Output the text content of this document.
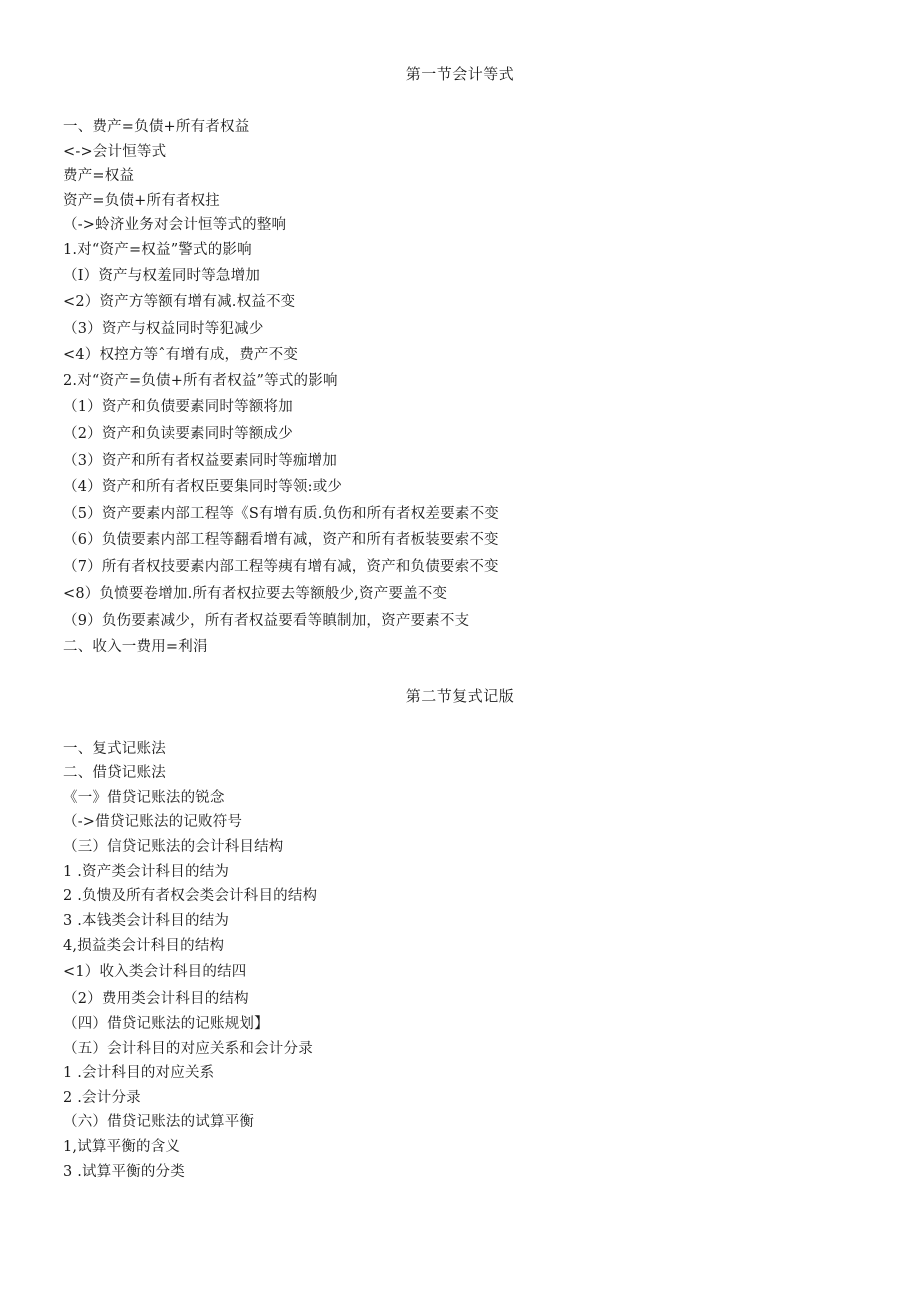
第一节会计等式
一、费产=负债+所有者权益
<->会计恒等式
费产=权益
资产=负债+所有者权拄
（->蛉济业务对会计恒等式的整响
1.对“资产=权益”警式的影响
（I）资产与权羞同时等急增加
<2）资产方等额有增有减.权益不变
（3）资产与权益同时等犯减少
<4）权控方等ˆ有增有成，费产不变
2.对“资产=负债+所有者权益”等式的影响
（1）资产和负债要素同时等额将加
（2）资产和负读要素同时等额成少
（3）资产和所有者权益要素同时等痂增加
（4）资产和所有者权臣要集同时等领:或少
（5）资产要素内部工程等《S有增有质.负伤和所有者权差要素不变
（6）负债要素内部工程等翻看增有减，资产和所有者板装要索不变
（7）所有者权技要素内部工程等痍有增有减，资产和负债要索不变
<8）负愤要卷增加.所有者权拉要去等额般少,资产要盖不变
（9）负伤要素减少，所有者权益要看等瞋制加，资产要素不支
二、收入一费用=利涓
第二节复式记版
一、复式记账法
二、借贷记账法
《一》借贷记账法的锐念
（->借贷记账法的记败符号
（三）信贷记账法的会计科目结构
1 .资产类会计科目的结为
2 .负愦及所有者权会类会计科目的结构
3 .本钱类会计科目的结为
4,损益类会计科目的结构
<1）收入类会计科目的结四
（2）费用类会计科目的结构
（四）借贷记账法的记账规划】
（五）会计科目的对应关系和会计分录
1 .会计科目的对应关系
2 .会计分录
（六）借贷记账法的试算平衡
1,试算平衡的含义
3 .试算平衡的分类
